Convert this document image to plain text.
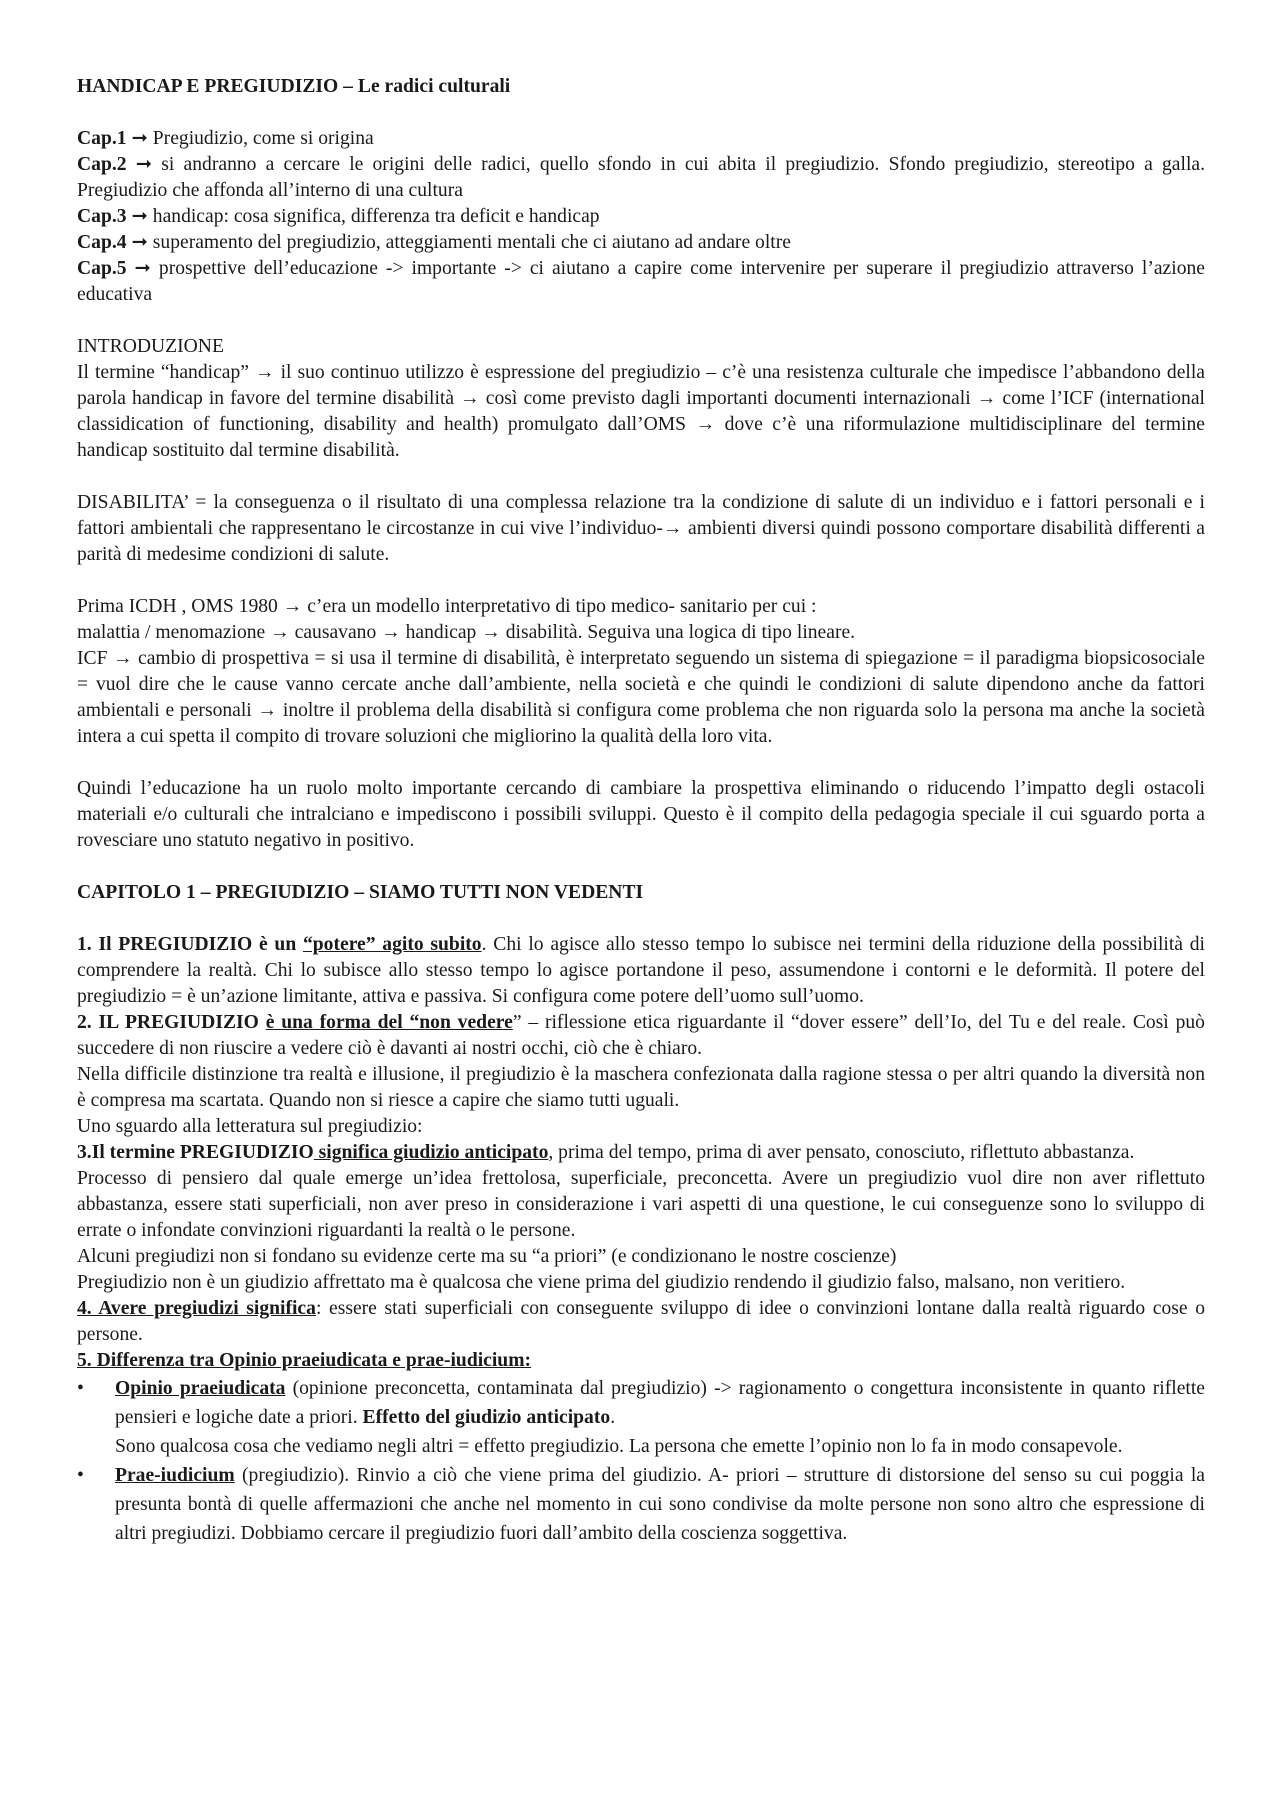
HANDICAP E PREGIUDIZIO – Le radici culturali

Cap.1 ➞ Pregiudizio, come si origina

Cap.2 ➞ si andranno a cercare le origini delle radici, quello sfondo in cui abita il pregiudizio. Sfondo pregiudizio, stereotipo a galla. Pregiudizio che affonda all’interno di una cultura

Cap.3 ➞ handicap: cosa significa, differenza tra deficit e handicap

Cap.4 ➞ superamento del pregiudizio, atteggiamenti mentali che ci aiutano ad andare oltre

Cap.5 ➞ prospettive dell’educazione -> importante -> ci aiutano a capire come intervenire per superare il pregiudizio attraverso l’azione educativa

INTRODUZIONE

Il termine “handicap” → il suo continuo utilizzo è espressione del pregiudizio – c’è una resistenza culturale che impedisce l’abbandono della parola handicap in favore del termine disabilità → così come previsto dagli importanti documenti internazionali → come l’ICF (international classidication of functioning, disability and health) promulgato dall’OMS → dove c’è una riformulazione multidisciplinare del termine handicap sostituito dal termine disabilità.

DISABILITA’ = la conseguenza o il risultato di una complessa relazione tra la condizione di salute di un individuo e i fattori personali e i fattori ambientali che rappresentano le circostanze in cui vive l’individuo-→ ambienti diversi quindi possono comportare disabilità differenti a parità di medesime condizioni di salute.

Prima ICDH , OMS 1980 → c’era un modello interpretativo di tipo medico- sanitario per cui :

malattia / menomazione → causavano → handicap → disabilità. Seguiva una logica di tipo lineare.

ICF → cambio di prospettiva = si usa il termine di disabilità, è interpretato seguendo un sistema di spiegazione = il paradigma biopsicosociale = vuol dire che le cause vanno cercate anche dall’ambiente, nella società e che quindi le condizioni di salute dipendono anche da fattori ambientali e personali → inoltre il problema della disabilità si configura come problema che non riguarda solo la persona ma anche la società intera a cui spetta il compito di trovare soluzioni che migliorino la qualità della loro vita.

Quindi l’educazione ha un ruolo molto importante cercando di cambiare la prospettiva eliminando o riducendo l’impatto degli ostacoli materiali e/o culturali che intralciano e impediscono i possibili sviluppi. Questo è il compito della pedagogia speciale il cui sguardo porta a rovesciare uno statuto negativo in positivo.

CAPITOLO 1 – PREGIUDIZIO – SIAMO TUTTI NON VEDENTI

1. Il PREGIUDIZIO è un “potere” agito subito. Chi lo agisce allo stesso tempo lo subisce nei termini della riduzione della possibilità di comprendere la realtà. Chi lo subisce allo stesso tempo lo agisce portandone il peso, assumendone i contorni e le deformità. Il potere del pregiudizio = è un’azione limitante, attiva e passiva. Si configura come potere dell’uomo sull’uomo.

2. IL PREGIUDIZIO è una forma del “non vedere” – riflessione etica riguardante il “dover essere” dell’Io, del Tu e del reale. Così può succedere di non riuscire a vedere ciò è davanti ai nostri occhi, ciò che è chiaro.

Nella difficile distinzione tra realtà e illusione, il pregiudizio è la maschera confezionata dalla ragione stessa o per altri quando la diversità non è compresa ma scartata. Quando non si riesce a capire che siamo tutti uguali.

Uno sguardo alla letteratura sul pregiudizio:

3.Il termine PREGIUDIZIO significa giudizio anticipato, prima del tempo, prima di aver pensato, conosciuto, riflettuto abbastanza.

Processo di pensiero dal quale emerge un’idea frettolosa, superficiale, preconcetta. Avere un pregiudizio vuol dire non aver riflettuto abbastanza, essere stati superficiali, non aver preso in considerazione i vari aspetti di una questione, le cui conseguenze sono lo sviluppo di errate o infondate convinzioni riguardanti la realtà o le persone.

Alcuni pregiudizi non si fondano su evidenze certe ma su “a priori” (e condizionano le nostre coscienze)

Pregiudizio non è un giudizio affrettato ma è qualcosa che viene prima del giudizio rendendo il giudizio falso, malsano, non veritiero.

4. Avere pregiudizi significa: essere stati superficiali con conseguente sviluppo di idee o convinzioni lontane dalla realtà riguardo cose o persone.

5. Differenza tra Opinio praeiudicata e prae-iudicium:

• Opinio praeiudicata (opinione preconcetta, contaminata dal pregiudizio) -> ragionamento o congettura inconsistente in quanto riflette pensieri e logiche date a priori. Effetto del giudizio anticipato.
Sono qualcosa cosa che vediamo negli altri = effetto pregiudizio. La persona che emette l’opinio non lo fa in modo consapevole.
• Prae-iudicium (pregiudizio). Rinvio a ciò che viene prima del giudizio. A- priori – strutture di distorsione del senso su cui poggia la presunta bontà di quelle affermazioni che anche nel momento in cui sono condivise da molte persone non sono altro che espressione di altri pregiudizi. Dobbiamo cercare il pregiudizio fuori dall’ambito della coscienza soggettiva.
